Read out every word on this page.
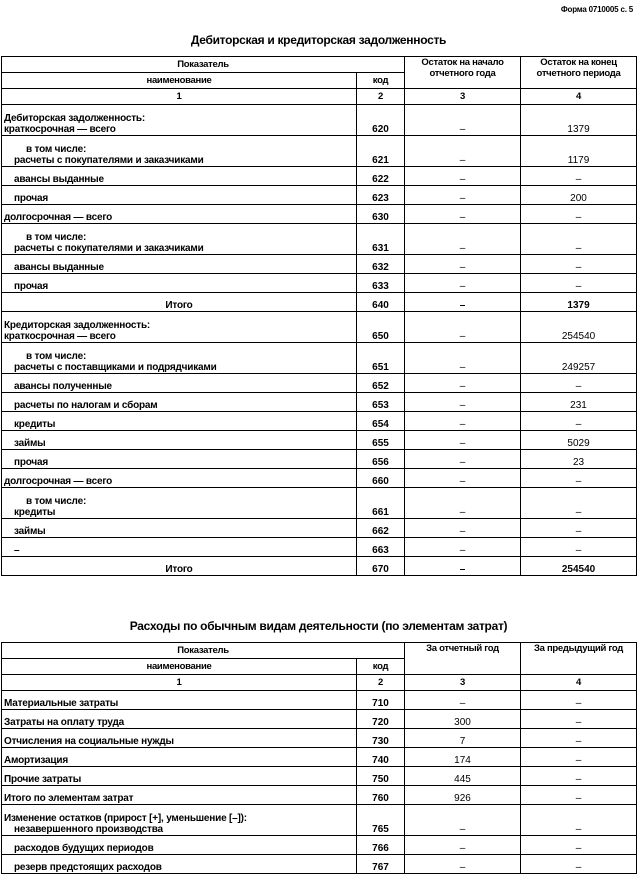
Форма 0710005 с. 5
Дебиторская и кредиторская задолженность
Показатель		Остаток на начало отчетного года	Остаток на конец отчетного периода
наименование	код		
1	2	3	4

Дебиторская задолженность:
краткосрочная — всего	620	–	1379

в том числе:
расчеты с покупателями и заказчиками	621	–	1179

авансы выданные	622	–	–

прочая	623	–	200

долгосрочная — всего	630	–	–

в том числе:
расчеты с покупателями и заказчиками	631	–	–

авансы выданные	632	–	–

прочая	633	–	–

Итого	640	–	1379

Кредиторская задолженность:
краткосрочная — всего	650	–	254540

в том числе:
расчеты с поставщиками и подрядчиками	651	–	249257

авансы полученные	652	–	–

расчеты по налогам и сборам	653	–	231

кредиты	654	–	–

займы	655	–	5029

прочая	656	–	23

долгосрочная — всего	660	–	–

в том числе:
кредиты	661	–	–

займы	662	–	–

–	663	–	–

Итого	670	–	254540
Расходы по обычным видам деятельности (по элементам затрат)
Показатель		За отчетный год	За предыдущий год
наименование	код		
1	2	3	4

Материальные затраты	710	–	–

Затраты на оплату труда	720	300	–

Отчисления на социальные нужды	730	7	–

Амортизация	740	174	–

Прочие затраты	750	445	–

Итого по элементам затрат	760	926	–

Изменение остатков (прирост [+], уменьшение [–]):
незавершенного производства	765	–	–

расходов будущих периодов	766	–	–

резерв предстоящих расходов	767	–	–
